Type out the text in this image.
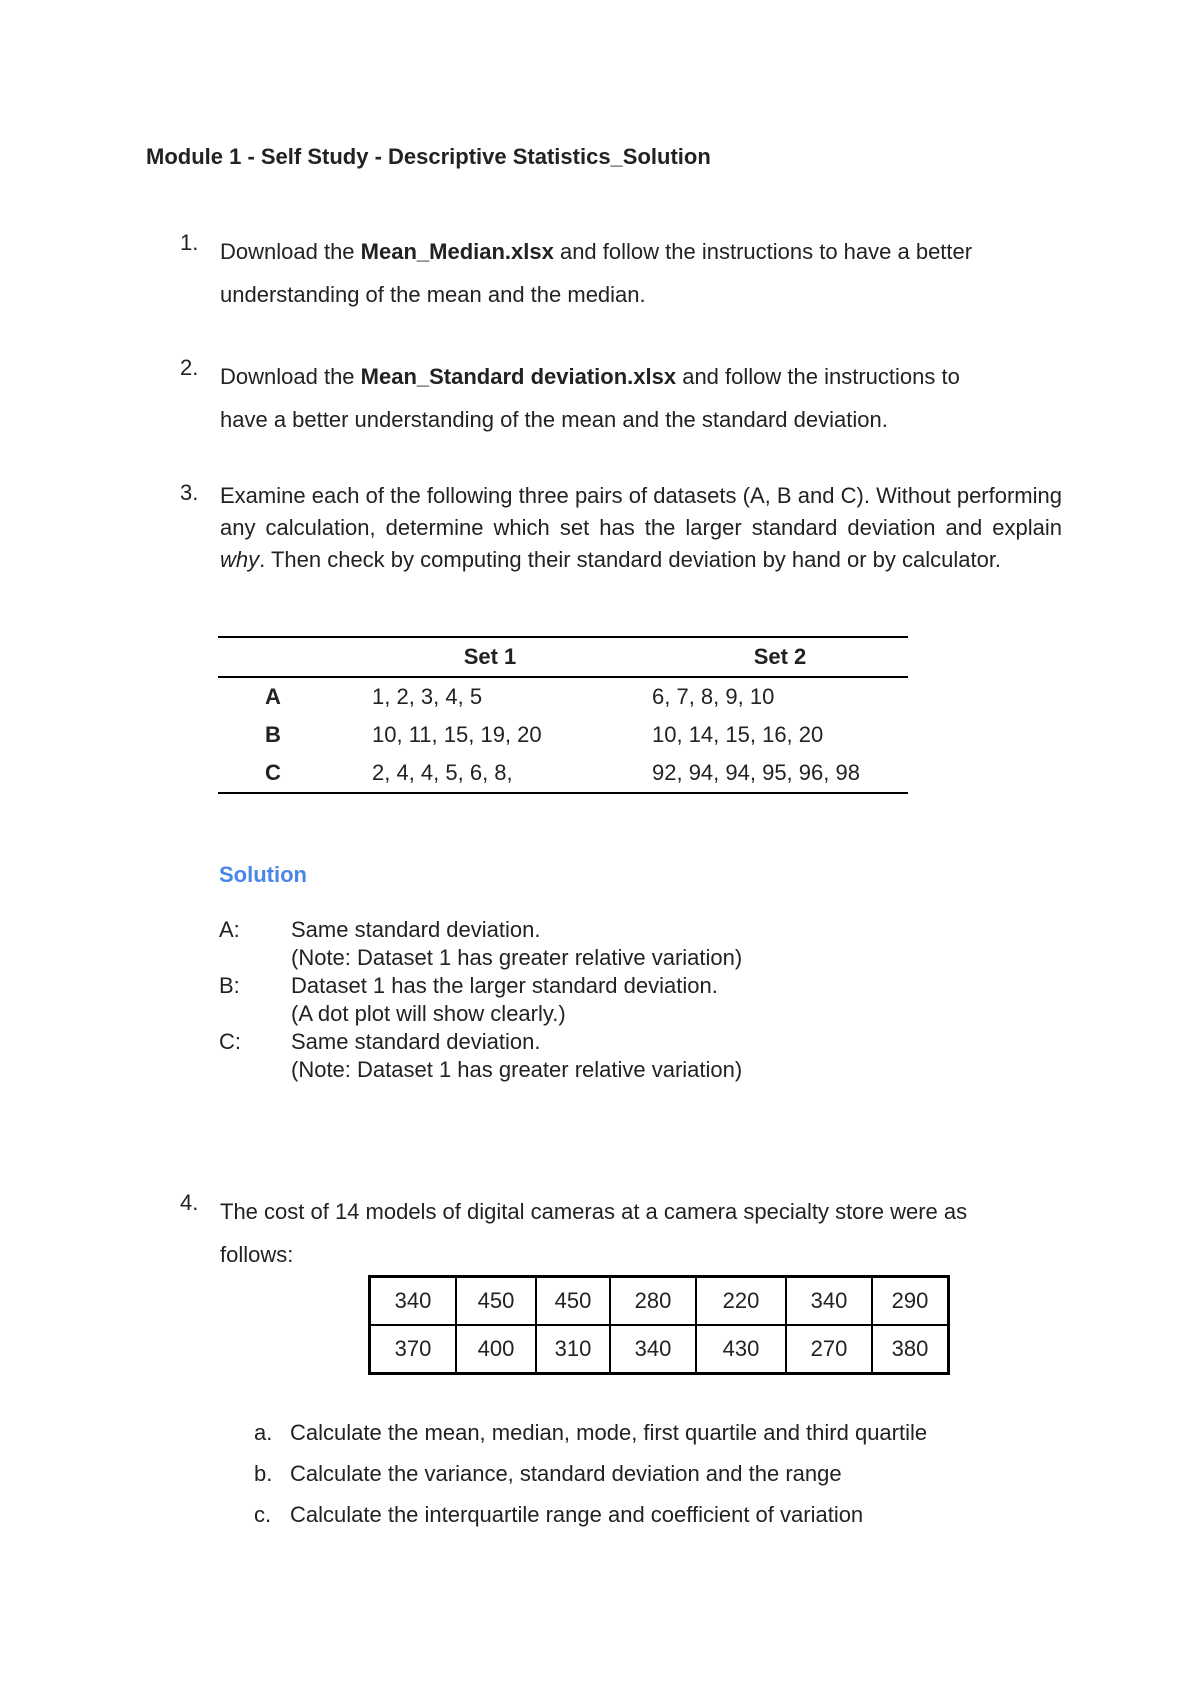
Module 1 - Self Study - Descriptive Statistics_Solution
1. Download the Mean_Median.xlsx and follow the instructions to have a better
understanding of the mean and the median.
2. Download the Mean_Standard deviation.xlsx and follow the instructions to
have a better understanding of the mean and the standard deviation.
3. Examine each of the following three pairs of datasets (A, B and C). Without performing any calculation, determine which set has the larger standard deviation and explain why. Then check by computing their standard deviation by hand or by calculator.
	Set 1	Set 2
A	1, 2, 3, 4, 5	6, 7, 8, 9, 10
B	10, 11, 15, 19, 20	10, 14, 15, 16, 20
C	2, 4, 4, 5, 6, 8,	92, 94, 94, 95, 96, 98
Solution
A: Same standard deviation.
(Note: Dataset 1 has greater relative variation)
B: Dataset 1 has the larger standard deviation.
(A dot plot will show clearly.)
C: Same standard deviation.
(Note: Dataset 1 has greater relative variation)
4. The cost of 14 models of digital cameras at a camera specialty store were as
follows:
340	450	450	280	220	340	290
370	400	310	340	430	270	380
a. Calculate the mean, median, mode, first quartile and third quartile
b. Calculate the variance, standard deviation and the range
c. Calculate the interquartile range and coefficient of variation
